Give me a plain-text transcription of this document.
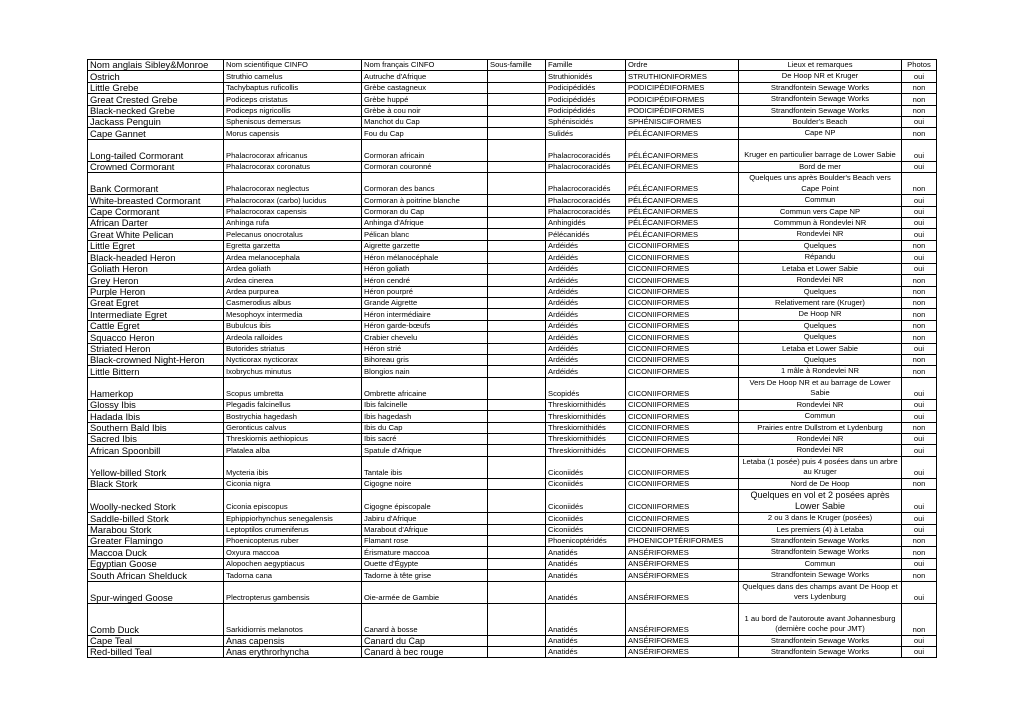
Nom anglais Sibley&Monroe	Nom scientifique CINFO	Nom français CINFO	Sous-famille	Famille	Ordre	Lieux et remarques	Photos
Ostrich	Struthio camelus	Autruche d'Afrique		Struthionidés	STRUTHIONIFORMES	De Hoop NR et Kruger	oui
Little Grebe	Tachybaptus ruficollis	Grèbe castagneux		Podicipédidés	PODICIPÉDIFORMES	Strandfontein Sewage Works	non
Great Crested Grebe	Podiceps cristatus	Grèbe huppé		Podicipédidés	PODICIPÉDIFORMES	Strandfontein Sewage Works	non
Black-necked Grebe	Podiceps nigricollis	Grèbe à cou noir		Podicipédidés	PODICIPÉDIFORMES	Strandfontein Sewage Works	non
Jackass Penguin	Spheniscus demersus	Manchot du Cap		Sphéniscidés	SPHÉNISCIFORMES	Boulder's Beach	oui
Cape Gannet	Morus capensis	Fou du Cap		Sulidés	PÉLÉCANIFORMES	Cape NP	non
Long-tailed Cormorant	Phalacrocorax africanus	Cormoran africain		Phalacrocoracidés	PÉLÉCANIFORMES	Kruger en particulier barrage de Lower Sabie	oui
Crowned Cormorant	Phalacrocorax coronatus	Cormoran couronné		Phalacrocoracidés	PÉLÉCANIFORMES	Bord de mer	oui
Bank Cormorant	Phalacrocorax neglectus	Cormoran des bancs		Phalacrocoracidés	PÉLÉCANIFORMES	Quelques uns après Boulder's Beach vers Cape Point	non
White-breasted Cormorant	Phalacrocorax (carbo) lucidus	Cormoran à poitrine blanche		Phalacrocoracidés	PÉLÉCANIFORMES	Commun	oui
Cape Cormorant	Phalacrocorax capensis	Cormoran du Cap		Phalacrocoracidés	PÉLÉCANIFORMES	Commun vers Cape NP	oui
African Darter	Anhinga rufa	Anhinga d'Afrique		Anhingidés	PÉLÉCANIFORMES	Commmun à Rondevlei NR	oui
Great White Pelican	Pelecanus onocrotalus	Pélican blanc		Pélécanidés	PÉLÉCANIFORMES	Rondevlei NR	oui
Little Egret	Egretta garzetta	Aigrette garzette		Ardéidés	CICONIIFORMES	Quelques	non
Black-headed Heron	Ardea melanocephala	Héron mélanocéphale		Ardéidés	CICONIIFORMES	Répandu	oui
Goliath Heron	Ardea goliath	Héron goliath		Ardéidés	CICONIIFORMES	Letaba et Lower Sabie	oui
Grey Heron	Ardea cinerea	Héron cendré		Ardéidés	CICONIIFORMES	Rondevlei NR	non
Purple Heron	Ardea purpurea	Héron pourpré		Ardéidés	CICONIIFORMES	Quelques	non
Great Egret	Casmerodius albus	Grande Aigrette		Ardéidés	CICONIIFORMES	Relativement rare (Kruger)	non
Intermediate Egret	Mesophoyx intermedia	Héron intermédiaire		Ardéidés	CICONIIFORMES	De Hoop NR	non
Cattle Egret	Bubulcus ibis	Héron garde-bœufs		Ardéidés	CICONIIFORMES	Quelques	non
Squacco Heron	Ardeola ralloides	Crabier chevelu		Ardéidés	CICONIIFORMES	Quelques	non
Striated Heron	Butorides striatus	Héron strié		Ardéidés	CICONIIFORMES	Letaba et Lower Sabie	oui
Black-crowned Night-Heron	Nycticorax nycticorax	Bihoreau gris		Ardéidés	CICONIIFORMES	Quelques	non
Little Bittern	Ixobrychus minutus	Blongios nain		Ardéidés	CICONIIFORMES	1 mâle à Rondevlei NR	non
Hamerkop	Scopus umbretta	Ombrette africaine		Scopidés	CICONIIFORMES	Vers De Hoop NR et au barrage de Lower Sabie	oui
Glossy Ibis	Plegadis falcinellus	Ibis falcinelle		Threskiornithidés	CICONIIFORMES	Rondevlei NR	oui
Hadada Ibis	Bostrychia hagedash	Ibis hagedash		Threskiornithidés	CICONIIFORMES	Commun	oui
Southern Bald Ibis	Geronticus calvus	Ibis du Cap		Threskiornithidés	CICONIIFORMES	Prairies entre Dullstrom et Lydenburg	non
Sacred Ibis	Threskiornis aethiopicus	Ibis sacré		Threskiornithidés	CICONIIFORMES	Rondevlei NR	oui
African Spoonbill	Platalea alba	Spatule d'Afrique		Threskiornithidés	CICONIIFORMES	Rondevlei NR	oui
Yellow-billed Stork	Mycteria ibis	Tantale ibis		Ciconiidés	CICONIIFORMES	Letaba (1 posée) puis 4 posées dans un arbre au Kruger	oui
Black Stork	Ciconia nigra	Cigogne noire		Ciconiidés	CICONIIFORMES	Nord de De Hoop	non
Woolly-necked Stork	Ciconia episcopus	Cigogne épiscopale		Ciconiidés	CICONIIFORMES	Quelques en vol et 2 posées après Lower Sabie	oui
Saddle-billed Stork	Ephippiorhynchus senegalensis	Jabiru d'Afrique		Ciconiidés	CICONIIFORMES	2 ou 3 dans le Kruger (posées)	oui
Marabou Stork	Leptoptilos crumeniferus	Marabout d'Afrique		Ciconiidés	CICONIIFORMES	Les premiers (4) à Letaba	oui
Greater Flamingo	Phoenicopterus ruber	Flamant rose		Phoenicoptéridés	PHOENICOPTÉRIFORMES	Strandfontein Sewage Works	non
Maccoa Duck	Oxyura maccoa	Érismature maccoa		Anatidés	ANSÉRIFORMES	Strandfontein Sewage Works	non
Egyptian Goose	Alopochen aegyptiacus	Ouette d'Égypte		Anatidés	ANSÉRIFORMES	Commun	oui
South African Shelduck	Tadorna cana	Tadorne à tête grise		Anatidés	ANSÉRIFORMES	Strandfontein Sewage Works	non
Spur-winged Goose	Plectropterus gambensis	Oie-armée de Gambie		Anatidés	ANSÉRIFORMES	Quelques dans des champs avant De Hoop et vers Lydenburg	oui
Comb Duck	Sarkidiornis melanotos	Canard à bosse		Anatidés	ANSÉRIFORMES	1 au bord de l'autoroute avant Johannesburg (dernière coche pour JMT)	non
Cape Teal	Anas capensis	Canard du Cap		Anatidés	ANSÉRIFORMES	Strandfontein Sewage Works	oui
Red-billed Teal	Anas erythrorhyncha	Canard à bec rouge		Anatidés	ANSÉRIFORMES	Strandfontein Sewage Works	oui
